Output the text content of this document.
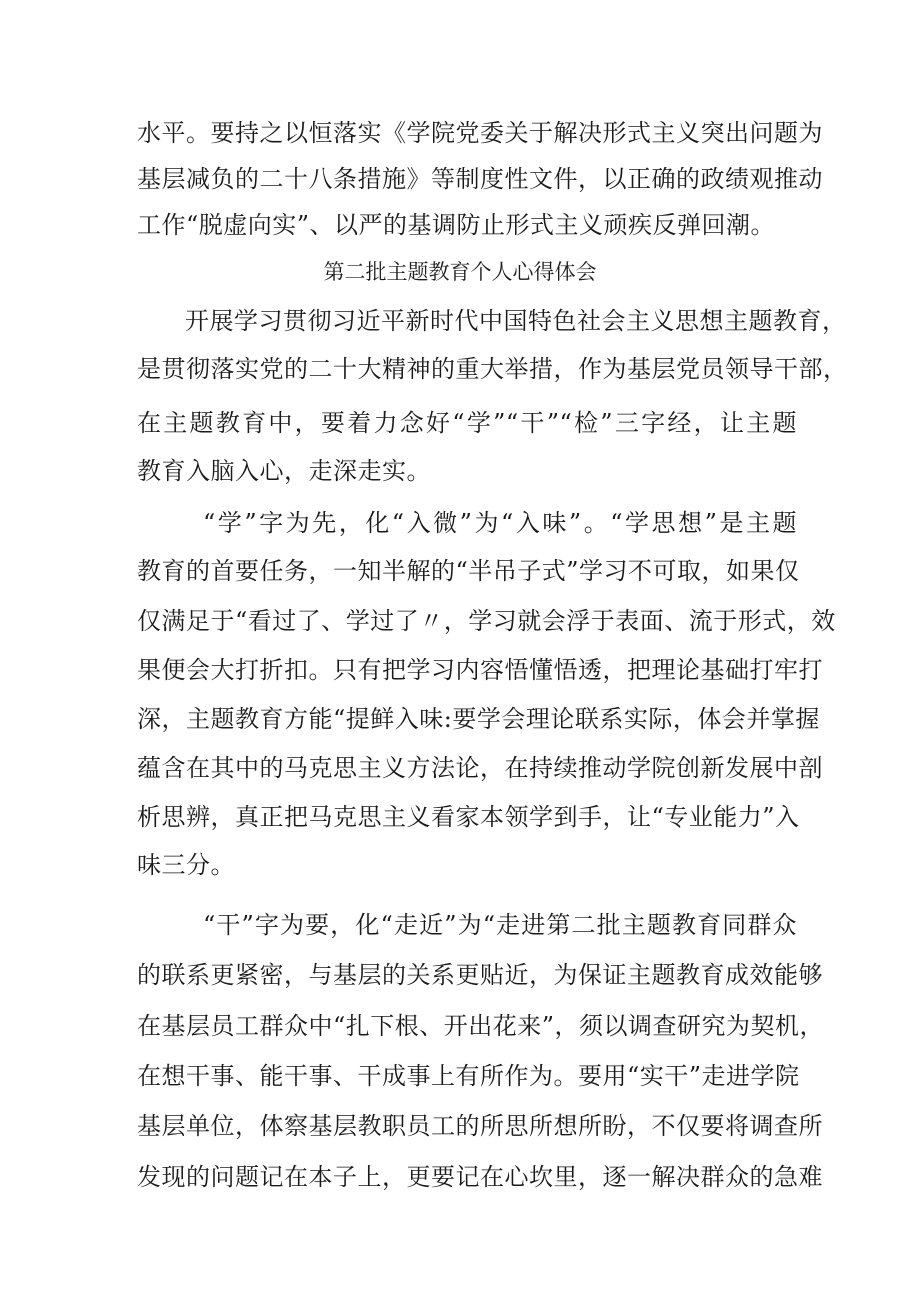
水平。要持之以恒落实《学院党委关于解决形式主义突出问题为

基层减负的二十八条措施》等制度性文件，以正确的政绩观推动

工作“脱虚向实”、以严的基调防止形式主义顽疾反弹回潮。

第二批主题教育个人心得体会

开展学习贯彻习近平新时代中国特色社会主义思想主题教育，

是贯彻落实党的二十大精神的重大举措，作为基层党员领导干部，

在主题教育中，要着力念好“学”“干”“检”三字经，让主题

教育入脑入心，走深走实。

“学”字为先，化“入微”为“入味”。“学思想”是主题

教育的首要任务，一知半解的“半吊子式”学习不可取，如果仅

仅满足于“看过了、学过了〃，学习就会浮于表面、流于形式，效

果便会大打折扣。只有把学习内容悟懂悟透，把理论基础打牢打

深，主题教育方能“提鲜入味:要学会理论联系实际，体会并掌握

蕴含在其中的马克思主义方法论，在持续推动学院创新发展中剖

析思辨，真正把马克思主义看家本领学到手，让“专业能力”入

味三分。

“干”字为要，化“走近”为“走进第二批主题教育同群众

的联系更紧密，与基层的关系更贴近，为保证主题教育成效能够

在基层员工群众中“扎下根、开出花来”，须以调查研究为契机，

在想干事、能干事、干成事上有所作为。要用“实干”走进学院

基层单位，体察基层教职员工的所思所想所盼，不仅要将调查所

发现的问题记在本子上，更要记在心坎里，逐一解决群众的急难
